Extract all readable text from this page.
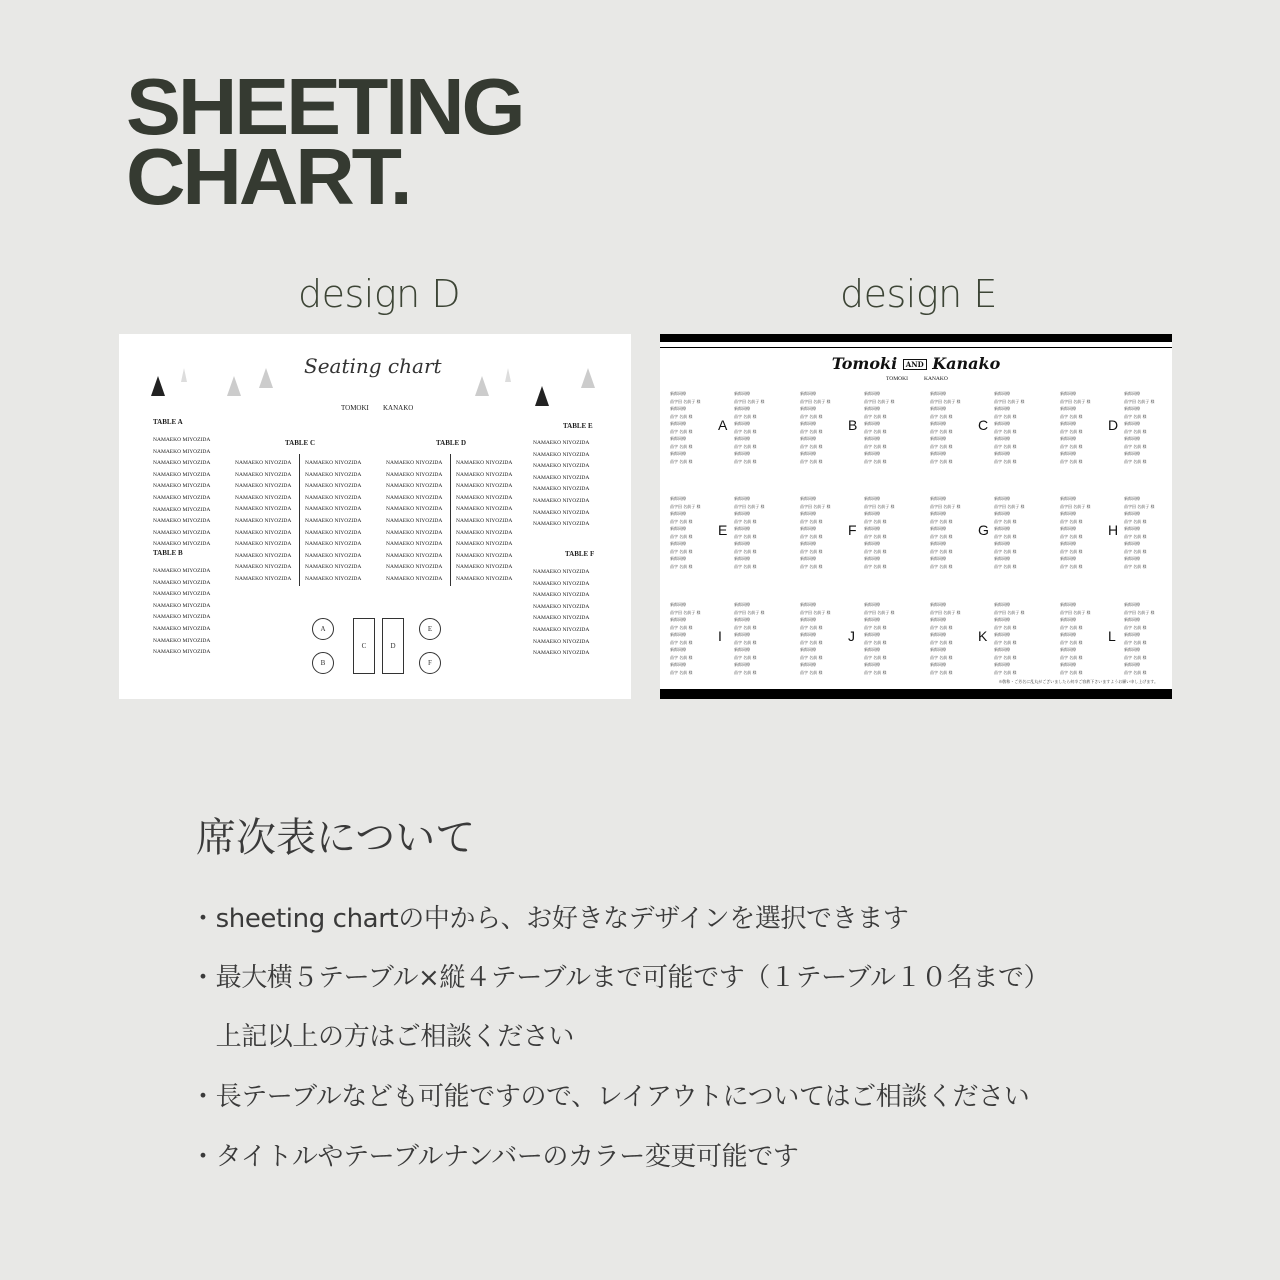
SHEETING
CHART.
design D	design E
Seating chart
TOMOKI KANAKO
TABLE A
NAMAEKO MIYOZIDA
NAMAEKO MIYOZIDA
NAMAEKO MIYOZIDA
NAMAEKO MIYOZIDA
NAMAEKO MIYOZIDA
NAMAEKO MIYOZIDA
NAMAEKO MIYOZIDA
NAMAEKO MIYOZIDA
NAMAEKO MIYOZIDA
NAMAEKO MIYOZIDA
TABLE B
NAMAEKO MIYOZIDA
NAMAEKO MIYOZIDA
NAMAEKO MIYOZIDA
NAMAEKO MIYOZIDA
NAMAEKO MIYOZIDA
NAMAEKO MIYOZIDA
NAMAEKO MIYOZIDA
NAMAEKO MIYOZIDA
TABLE C
NAMAEKO NIYOZIDA
NAMAEKO NIYOZIDA
NAMAEKO NIYOZIDA
NAMAEKO NIYOZIDA
NAMAEKO NIYOZIDA
NAMAEKO NIYOZIDA
NAMAEKO NIYOZIDA
NAMAEKO NIYOZIDA
NAMAEKO NIYOZIDA
NAMAEKO NIYOZIDA
NAMAEKO NIYOZIDA
NAMAEKO NIYOZIDA
NAMAEKO NIYOZIDA
NAMAEKO NIYOZIDA
NAMAEKO NIYOZIDA
NAMAEKO NIYOZIDA
NAMAEKO NIYOZIDA
NAMAEKO NIYOZIDA
NAMAEKO NIYOZIDA
NAMAEKO NIYOZIDA
NAMAEKO NIYOZIDA
NAMAEKO NIYOZIDA
TABLE D
NAMAEKO NIYOZIDA
NAMAEKO NIYOZIDA
NAMAEKO NIYOZIDA
NAMAEKO NIYOZIDA
NAMAEKO NIYOZIDA
NAMAEKO NIYOZIDA
NAMAEKO NIYOZIDA
NAMAEKO NIYOZIDA
NAMAEKO NIYOZIDA
NAMAEKO NIYOZIDA
NAMAEKO NIYOZIDA
NAMAEKO NIYOZIDA
NAMAEKO NIYOZIDA
NAMAEKO NIYOZIDA
NAMAEKO NIYOZIDA
NAMAEKO NIYOZIDA
NAMAEKO NIYOZIDA
NAMAEKO NIYOZIDA
NAMAEKO NIYOZIDA
NAMAEKO NIYOZIDA
NAMAEKO NIYOZIDA
NAMAEKO NIYOZIDA
TABLE E
NAMAEKO NIYOZIDA
NAMAEKO NIYOZIDA
NAMAEKO NIYOZIDA
NAMAEKO NIYOZIDA
NAMAEKO NIYOZIDA
NAMAEKO NIYOZIDA
NAMAEKO NIYOZIDA
NAMAEKO NIYOZIDA
TABLE F
NAMAEKO NIYOZIDA
NAMAEKO NIYOZIDA
NAMAEKO NIYOZIDA
NAMAEKO NIYOZIDA
NAMAEKO NIYOZIDA
NAMAEKO NIYOZIDA
NAMAEKO NIYOZIDA
NAMAEKO NIYOZIDA
A
B
C	D
E
F
Tomoki AND Kanako
TOMOKI	KANAKO
新郎同僚
苗字田 名前子 様
新郎同僚
苗字 名前 様
新郎同僚
苗字 名前 様
新郎同僚
苗字 名前 様
新郎同僚
苗字 名前 様
新郎同僚
苗字田 名前子 様
新郎同僚
苗字 名前 様
新郎同僚
苗字 名前 様
新郎同僚
苗字 名前 様
新郎同僚
苗字 名前 様
A
新郎同僚
苗字田 名前子 様
新郎同僚
苗字 名前 様
新郎同僚
苗字 名前 様
新郎同僚
苗字 名前 様
新郎同僚
苗字 名前 様
新郎同僚
苗字田 名前子 様
新郎同僚
苗字 名前 様
新郎同僚
苗字 名前 様
新郎同僚
苗字 名前 様
新郎同僚
苗字 名前 様
B
新郎同僚
苗字田 名前子 様
新郎同僚
苗字 名前 様
新郎同僚
苗字 名前 様
新郎同僚
苗字 名前 様
新郎同僚
苗字 名前 様
新郎同僚
苗字田 名前子 様
新郎同僚
苗字 名前 様
新郎同僚
苗字 名前 様
新郎同僚
苗字 名前 様
新郎同僚
苗字 名前 様
C
新郎同僚
苗字田 名前子 様
新郎同僚
苗字 名前 様
新郎同僚
苗字 名前 様
新郎同僚
苗字 名前 様
新郎同僚
苗字 名前 様
新郎同僚
苗字田 名前子 様
新郎同僚
苗字 名前 様
新郎同僚
苗字 名前 様
新郎同僚
苗字 名前 様
新郎同僚
苗字 名前 様
D
新郎同僚
苗字田 名前子 様
新郎同僚
苗字 名前 様
新郎同僚
苗字 名前 様
新郎同僚
苗字 名前 様
新郎同僚
苗字 名前 様
新郎同僚
苗字田 名前子 様
新郎同僚
苗字 名前 様
新郎同僚
苗字 名前 様
新郎同僚
苗字 名前 様
新郎同僚
苗字 名前 様
E
新郎同僚
苗字田 名前子 様
新郎同僚
苗字 名前 様
新郎同僚
苗字 名前 様
新郎同僚
苗字 名前 様
新郎同僚
苗字 名前 様
新郎同僚
苗字田 名前子 様
新郎同僚
苗字 名前 様
新郎同僚
苗字 名前 様
新郎同僚
苗字 名前 様
新郎同僚
苗字 名前 様
F
新郎同僚
苗字田 名前子 様
新郎同僚
苗字 名前 様
新郎同僚
苗字 名前 様
新郎同僚
苗字 名前 様
新郎同僚
苗字 名前 様
新郎同僚
苗字田 名前子 様
新郎同僚
苗字 名前 様
新郎同僚
苗字 名前 様
新郎同僚
苗字 名前 様
新郎同僚
苗字 名前 様
G
新郎同僚
苗字田 名前子 様
新郎同僚
苗字 名前 様
新郎同僚
苗字 名前 様
新郎同僚
苗字 名前 様
新郎同僚
苗字 名前 様
新郎同僚
苗字田 名前子 様
新郎同僚
苗字 名前 様
新郎同僚
苗字 名前 様
新郎同僚
苗字 名前 様
新郎同僚
苗字 名前 様
H
新郎同僚
苗字田 名前子 様
新郎同僚
苗字 名前 様
新郎同僚
苗字 名前 様
新郎同僚
苗字 名前 様
新郎同僚
苗字 名前 様
新郎同僚
苗字田 名前子 様
新郎同僚
苗字 名前 様
新郎同僚
苗字 名前 様
新郎同僚
苗字 名前 様
新郎同僚
苗字 名前 様
I
新郎同僚
苗字田 名前子 様
新郎同僚
苗字 名前 様
新郎同僚
苗字 名前 様
新郎同僚
苗字 名前 様
新郎同僚
苗字 名前 様
新郎同僚
苗字田 名前子 様
新郎同僚
苗字 名前 様
新郎同僚
苗字 名前 様
新郎同僚
苗字 名前 様
新郎同僚
苗字 名前 様
J
新郎同僚
苗字田 名前子 様
新郎同僚
苗字 名前 様
新郎同僚
苗字 名前 様
新郎同僚
苗字 名前 様
新郎同僚
苗字 名前 様
新郎同僚
苗字田 名前子 様
新郎同僚
苗字 名前 様
新郎同僚
苗字 名前 様
新郎同僚
苗字 名前 様
新郎同僚
苗字 名前 様
K
新郎同僚
苗字田 名前子 様
新郎同僚
苗字 名前 様
新郎同僚
苗字 名前 様
新郎同僚
苗字 名前 様
新郎同僚
苗字 名前 様
新郎同僚
苗字田 名前子 様
新郎同僚
苗字 名前 様
新郎同僚
苗字 名前 様
新郎同僚
苗字 名前 様
新郎同僚
苗字 名前 様
L
※敬称・ご芳名に乱丸がございましたら何卒ご容赦下さいますようお願い申し上げます。
席次表について
・sheeting chartの中から、お好きなデザインを選択できます
・最大横５テーブル×縦４テーブルまで可能です（１テーブル１０名まで）
　上記以上の方はご相談ください
・長テーブルなども可能ですので、レイアウトについてはご相談ください
・タイトルやテーブルナンバーのカラー変更可能です
